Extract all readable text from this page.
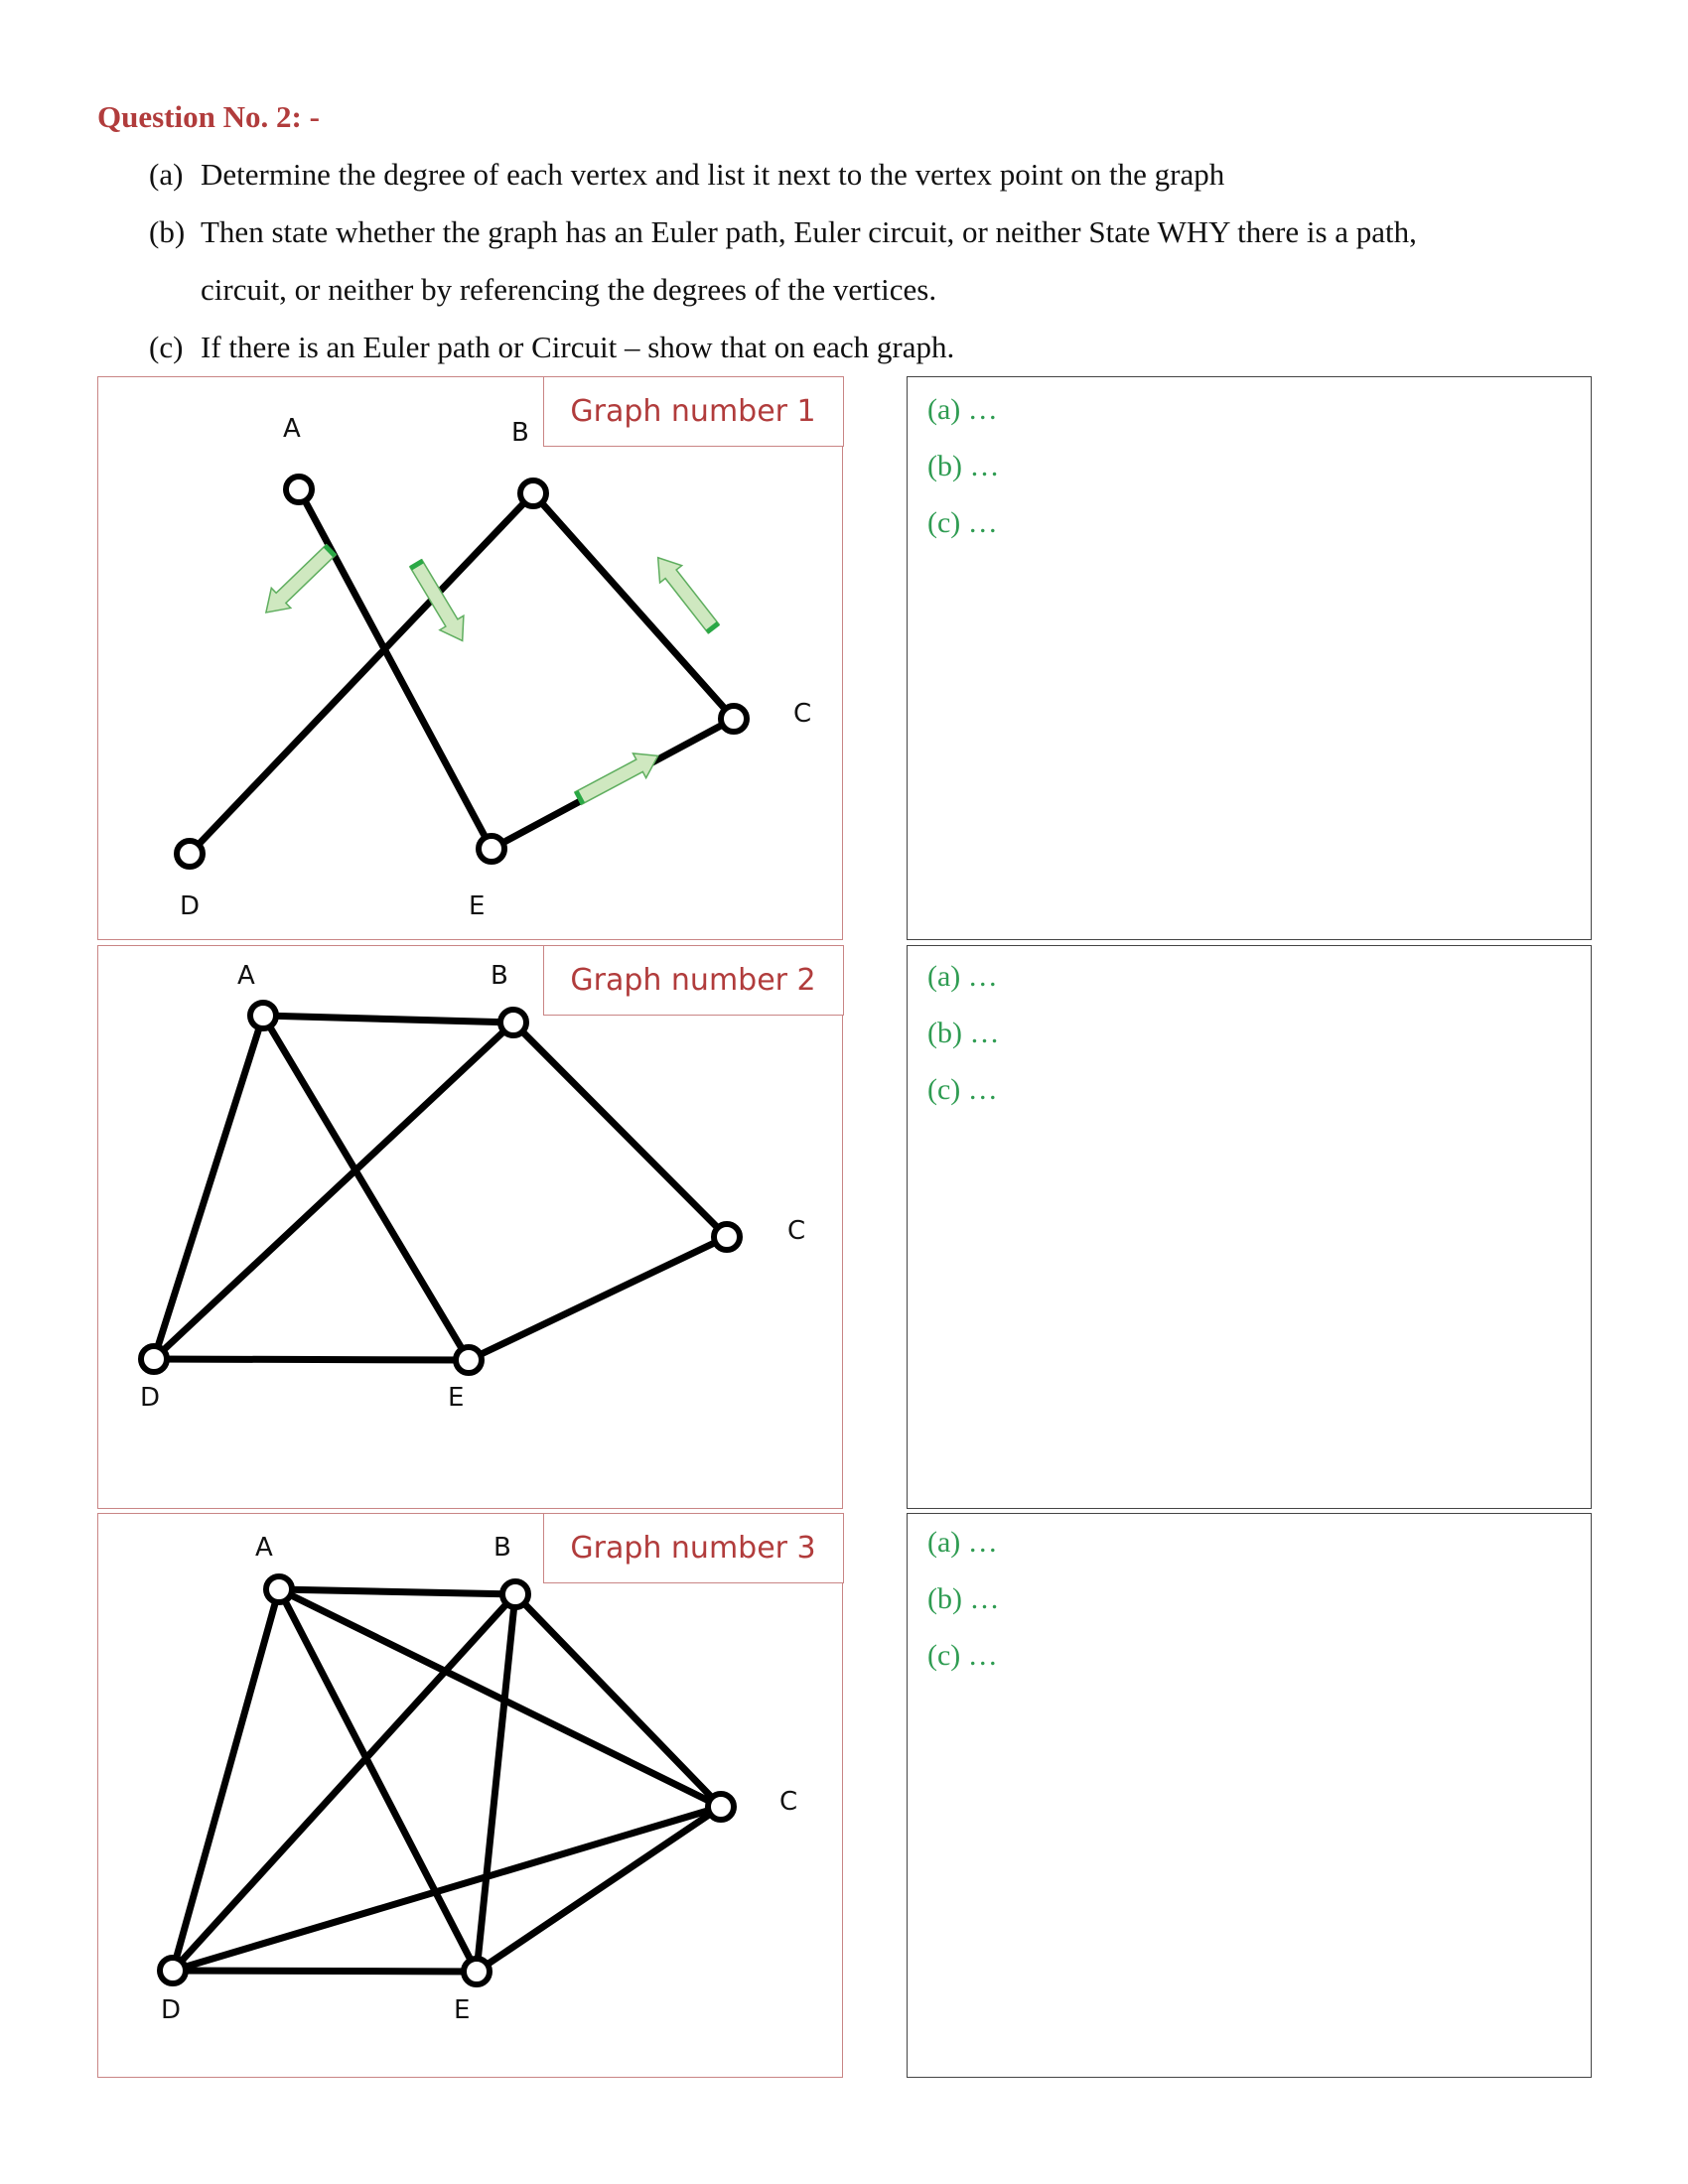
Question No. 2: -
(a) Determine the degree of each vertex and list it next to the vertex point on the graph
(b) Then state whether the graph has an Euler path, Euler circuit, or neither State WHY there is a path,
circuit, or neither by referencing the degrees of the vertices.
(c) If there is an Euler path or Circuit – show that on each graph.
A	B
C
D	E
Graph number 1	(a) …
(b) …
(c) …
A	B
C
D	E
Graph number 2	(a) …
(b) …
(c) …
A	B
C
D	E
Graph number 3	(a) …
(b) …
(c) …
